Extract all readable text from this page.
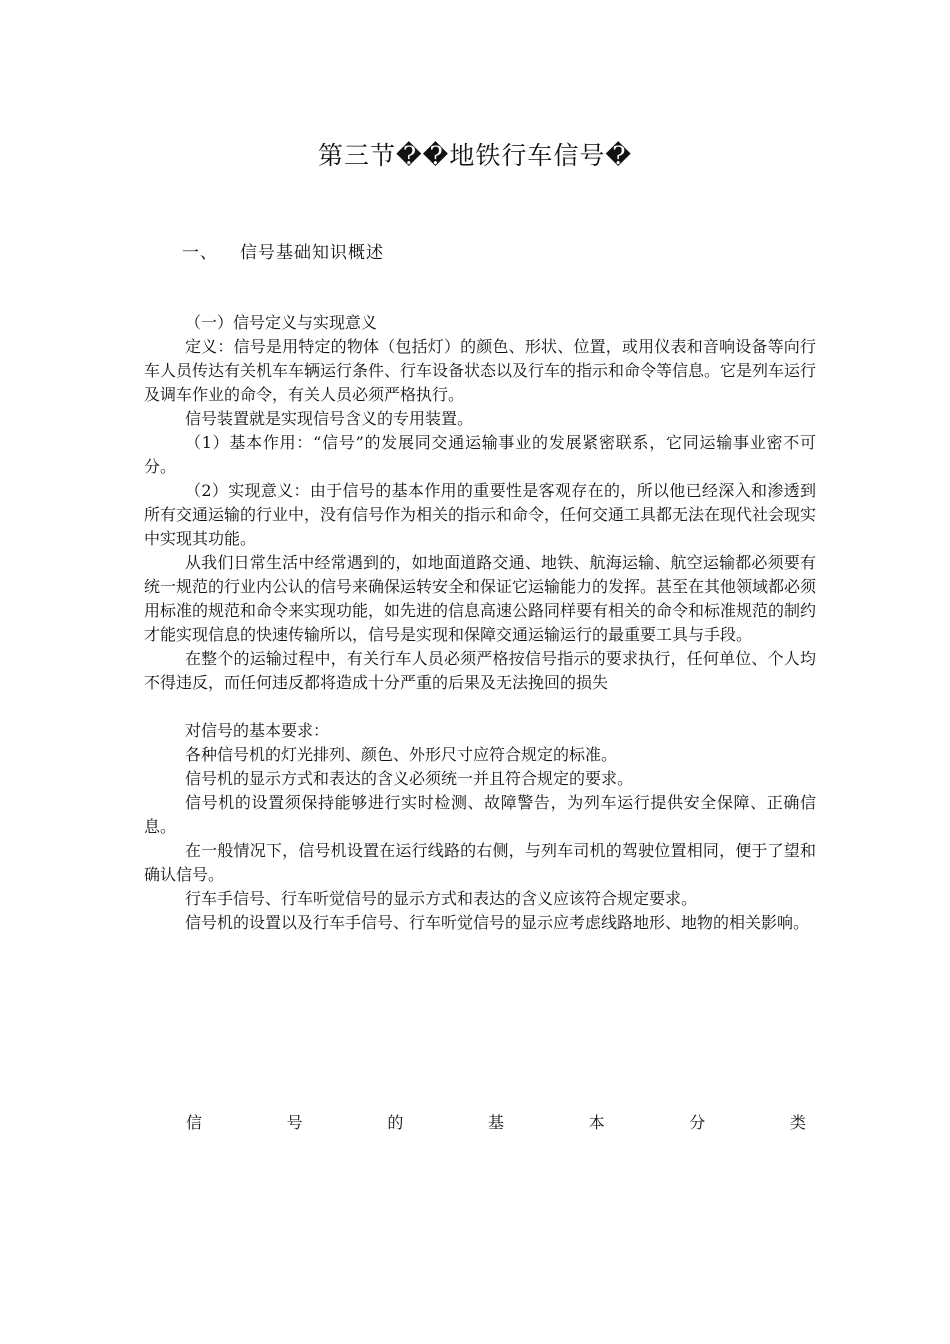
第三节��地铁行车信号�
一、 信号基础知识概述

（一）信号定义与实现意义

定义：信号是用特定的物体（包括灯）的颜色、形状、位置，或用仪表和音响设备等向行车人员传达有关机车车辆运行条件、行车设备状态以及行车的指示和命令等信息。它是列车运行及调车作业的命令，有关人员必须严格执行。

信号装置就是实现信号含义的专用装置。

（1）基本作用：“信号”的发展同交通运输事业的发展紧密联系，它同运输事业密不可分。

（2）实现意义：由于信号的基本作用的重要性是客观存在的，所以他已经深入和渗透到所有交通运输的行业中，没有信号作为相关的指示和命令，任何交通工具都无法在现代社会现实中实现其功能。

从我们日常生活中经常遇到的，如地面道路交通、地铁、航海运输、航空运输都必须要有统一规范的行业内公认的信号来确保运转安全和保证它运输能力的发挥。甚至在其他领域都必须用标准的规范和命令来实现功能，如先进的信息高速公路同样要有相关的命令和标准规范的制约才能实现信息的快速传输所以，信号是实现和保障交通运输运行的最重要工具与手段。

在整个的运输过程中，有关行车人员必须严格按信号指示的要求执行，任何单位、个人均不得违反，而任何违反都将造成十分严重的后果及无法挽回的损失

对信号的基本要求：

各种信号机的灯光排列、颜色、外形尺寸应符合规定的标准。

信号机的显示方式和表达的含义必须统一并且符合规定的要求。

信号机的设置须保持能够进行实时检测、故障警告，为列车运行提供安全保障、正确信息。

在一般情况下，信号机设置在运行线路的右侧，与列车司机的驾驶位置相同，便于了望和确认信号。

行车手信号、行车听觉信号的显示方式和表达的含义应该符合规定要求。

信号机的设置以及行车手信号、行车听觉信号的显示应考虑线路地形、地物的相关影响。

信	号	的	基	本	分	类
